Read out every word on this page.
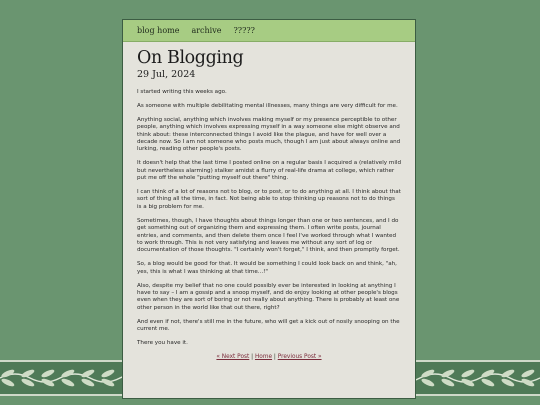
blog home archive ?????
On Blogging
29 Jul, 2024

I started writing this weeks ago.

As someone with multiple debilitating mental illnesses, many things are very difficult for me.

Anything social, anything which involves making myself or my presence perceptible to other people, anything which involves expressing myself in a way someone else might observe and think about: these interconnected things I avoid like the plague, and have for well over a decade now. So I am not someone who posts much, though I am just about always online and lurking, reading other people's posts.

It doesn't help that the last time I posted online on a regular basis I acquired a (relatively mild but nevertheless alarming) stalker amidst a flurry of real-life drama at college, which rather put me off the whole "putting myself out there" thing.

I can think of a lot of reasons not to blog, or to post, or to do anything at all. I think about that sort of thing all the time, in fact. Not being able to stop thinking up reasons not to do things is a big problem for me.

Sometimes, though, I have thoughts about things longer than one or two sentences, and I do get something out of organizing them and expressing them. I often write posts, journal entries, and comments, and then delete them once I feel I've worked through what I wanted to work through. This is not very satisfying and leaves me without any sort of log or documentation of those thoughts. "I certainly won't forget," I think, and then promptly forget.

So, a blog would be good for that. It would be something I could look back on and think, "ah, yes, this is what I was thinking at that time...!"

Also, despite my belief that no one could possibly ever be interested in looking at anything I have to say – I am a gossip and a snoop myself, and do enjoy looking at other people's blogs even when they are sort of boring or not really about anything. There is probably at least one other person in the world like that out there, right?

And even if not, there's still me in the future, who will get a kick out of nosily snooping on the current me.

There you have it.

« Next Post | Home | Previous Post »
